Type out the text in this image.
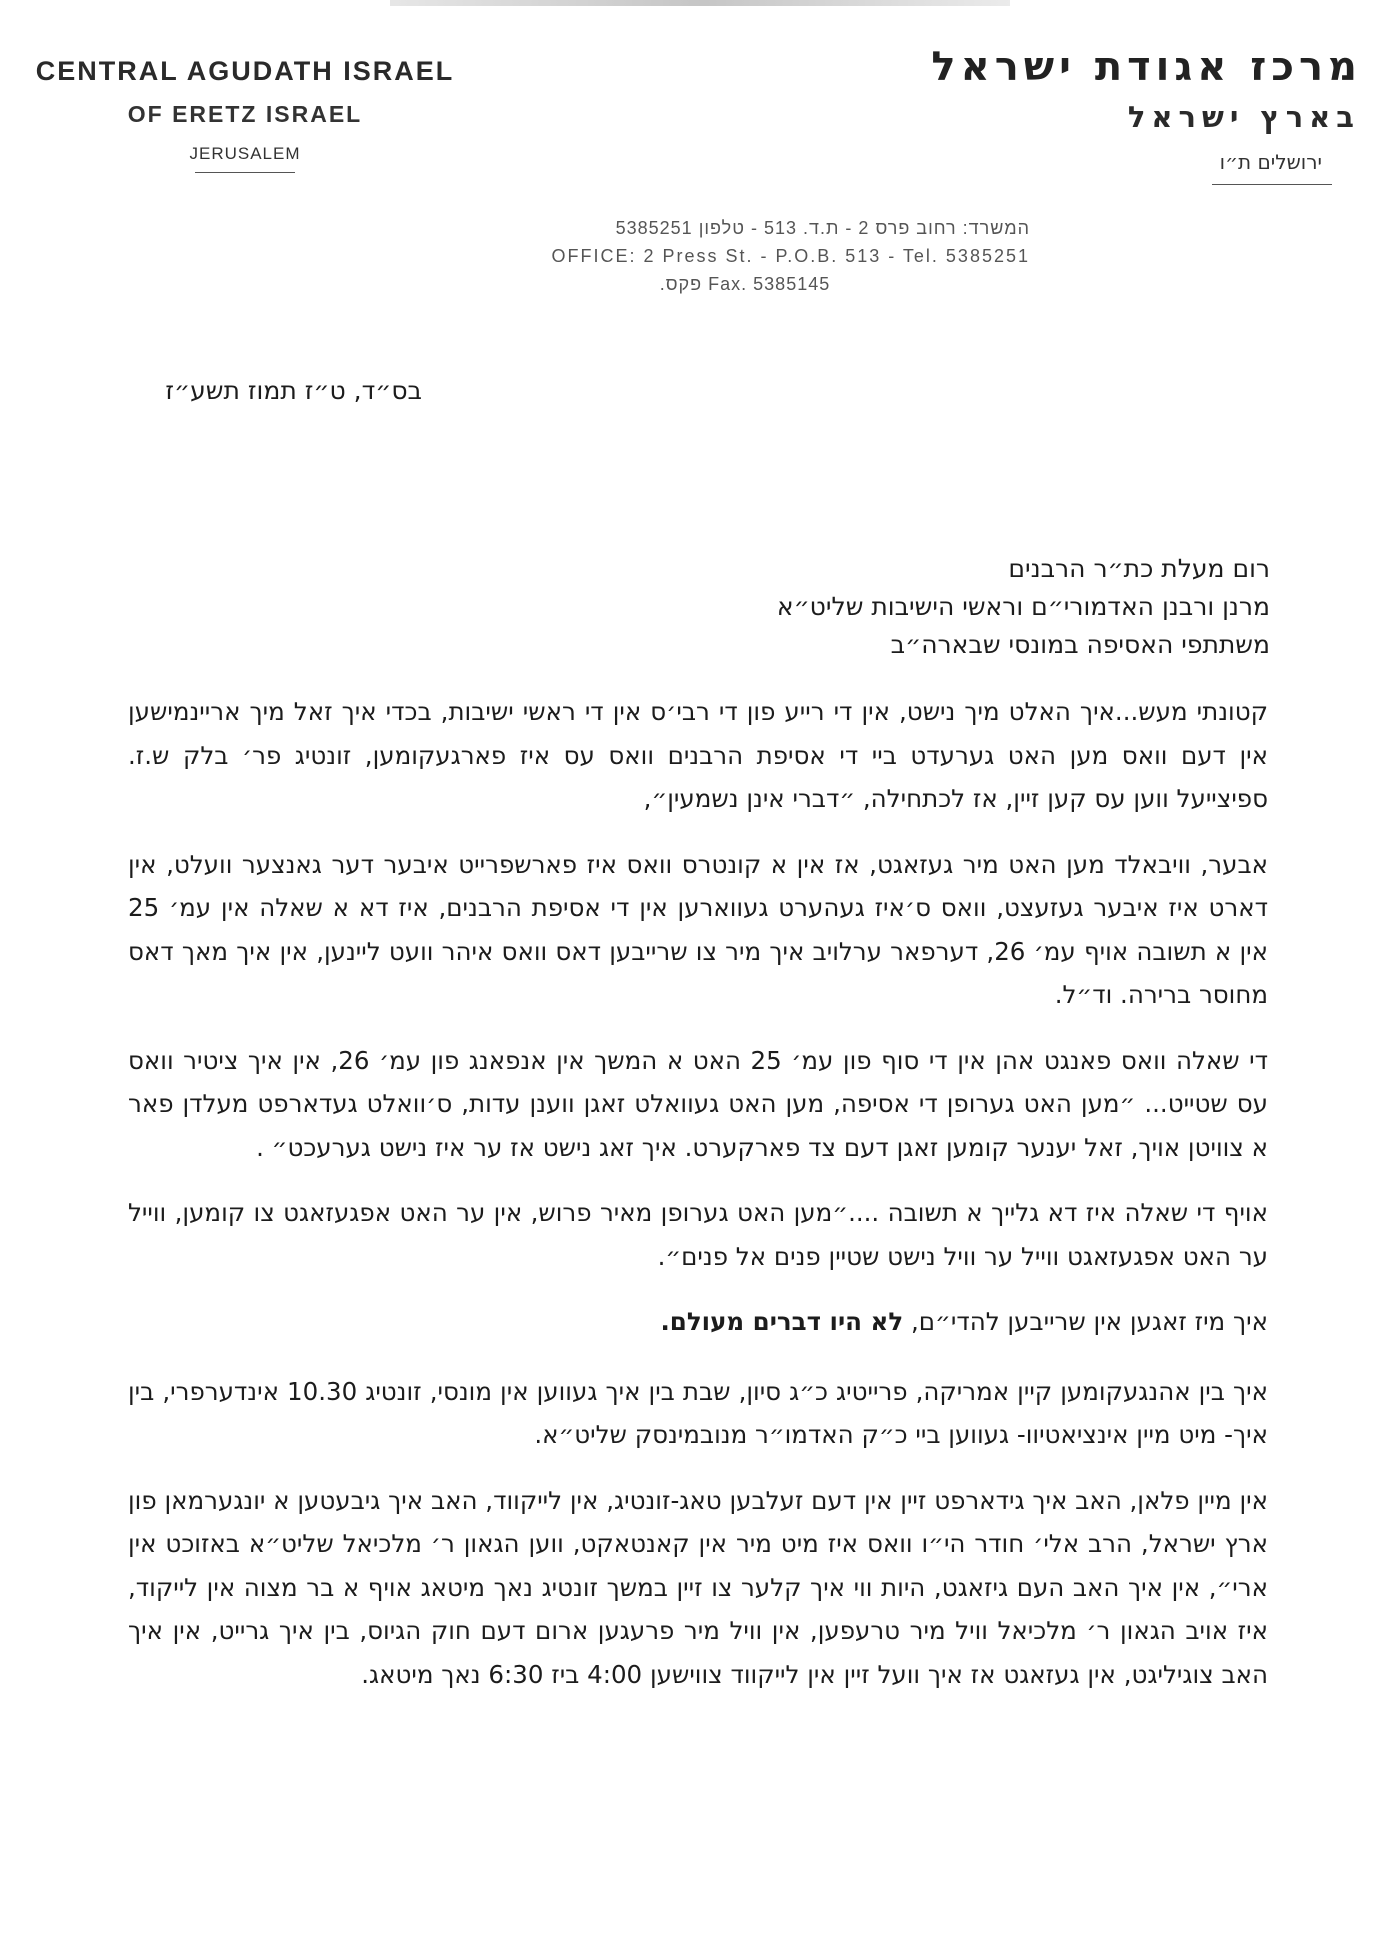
CENTRAL AGUDATH ISRAEL
OF ERETZ ISRAEL
JERUSALEM
מרכז אגודת ישראל
בארץ ישראל
ירושלים ת״ו
המשרד: רחוב פרס 2 - ת.ד. 513 - טלפון 5385251
OFFICE: 2 Press St. - P.O.B. 513 - Tel. 5385251
Fax. 5385145 פקס.
בס״ד, ט״ז תמוז תשע״ז
רום מעלת כת״ר הרבנים
מרנן ורבנן האדמורי״ם וראשי הישיבות שליט״א
משתתפי האסיפה במונסי שבארה״ב

קטונתי מעש...איך האלט מיך נישט, אין די רייע פון די רבי׳ס אין די ראשי ישיבות, בכדי איך זאל מיך אריינמישען אין דעם וואס מען האט גערעדט ביי די אסיפת הרבנים וואס עס איז פארגעקומען, זונטיג פר׳ בלק ש.ז. ספיצייעל ווען עס קען זיין, אז לכתחילה, ״דברי אינן נשמעין״,

אבער, וויבאלד מען האט מיר געזאגט, אז אין א קונטרס וואס איז פארשפרייט איבער דער גאנצער וועלט, אין דארט איז איבער געזעצט, וואס ס׳איז געהערט געווארען אין די אסיפת הרבנים, איז דא א שאלה אין עמ׳ 25 אין א תשובה אויף עמ׳ 26, דערפאר ערלויב איך מיר צו שרייבען דאס וואס איהר וועט ליינען, אין איך מאך דאס מחוסר ברירה. וד״ל.

די שאלה וואס פאנגט אהן אין די סוף פון עמ׳ 25 האט א המשך אין אנפאנג פון עמ׳ 26, אין איך ציטיר וואס עס שטייט... ״מען האט גערופן די אסיפה, מען האט געוואלט זאגן ווענן עדות, ס׳וואלט געדארפט מעלדן פאר א צוויטן אויך, זאל יענער קומען זאגן דעם צד פארקערט. איך זאג נישט אז ער איז נישט גערעכט״ .

אויף די שאלה איז דא גלייך א תשובה ....״מען האט גערופן מאיר פרוש, אין ער האט אפגעזאגט צו קומען, ווייל ער האט אפגעזאגט ווייל ער וויל נישט שטיין פנים אל פנים״.

איך מיז זאגען אין שרייבען להדי״ם, לא היו דברים מעולם.

איך בין אהנגעקומען קיין אמריקה, פרייטיג כ״ג סיון, שבת בין איך געווען אין מונסי, זונטיג 10.30 אינדערפרי, בין איך- מיט מיין אינציאטיוו- געווען ביי כ״ק האדמו״ר מנובמינסק שליט״א.

אין מיין פלאן, האב איך גידארפט זיין אין דעם זעלבען טאג-זונטיג, אין לייקווד, האב איך גיבעטען א יונגערמאן פון ארץ ישראל, הרב אלי׳ חודר הי״ו וואס איז מיט מיר אין קאנטאקט, ווען הגאון ר׳ מלכיאל שליט״א באזוכט אין ארי״, אין איך האב העם גיזאגט, היות ווי איך קלער צו זיין במשך זונטיג נאך מיטאג אויף א בר מצוה אין לייקוד, איז אויב הגאון ר׳ מלכיאל וויל מיר טרעפען, אין וויל מיר פרעגען ארום דעם חוק הגיוס, בין איך גרייט, אין איך האב צוגיליגט, אין געזאגט אז איך וועל זיין אין לייקווד צווישען 4:00 ביז 6:30 נאך מיטאג.
